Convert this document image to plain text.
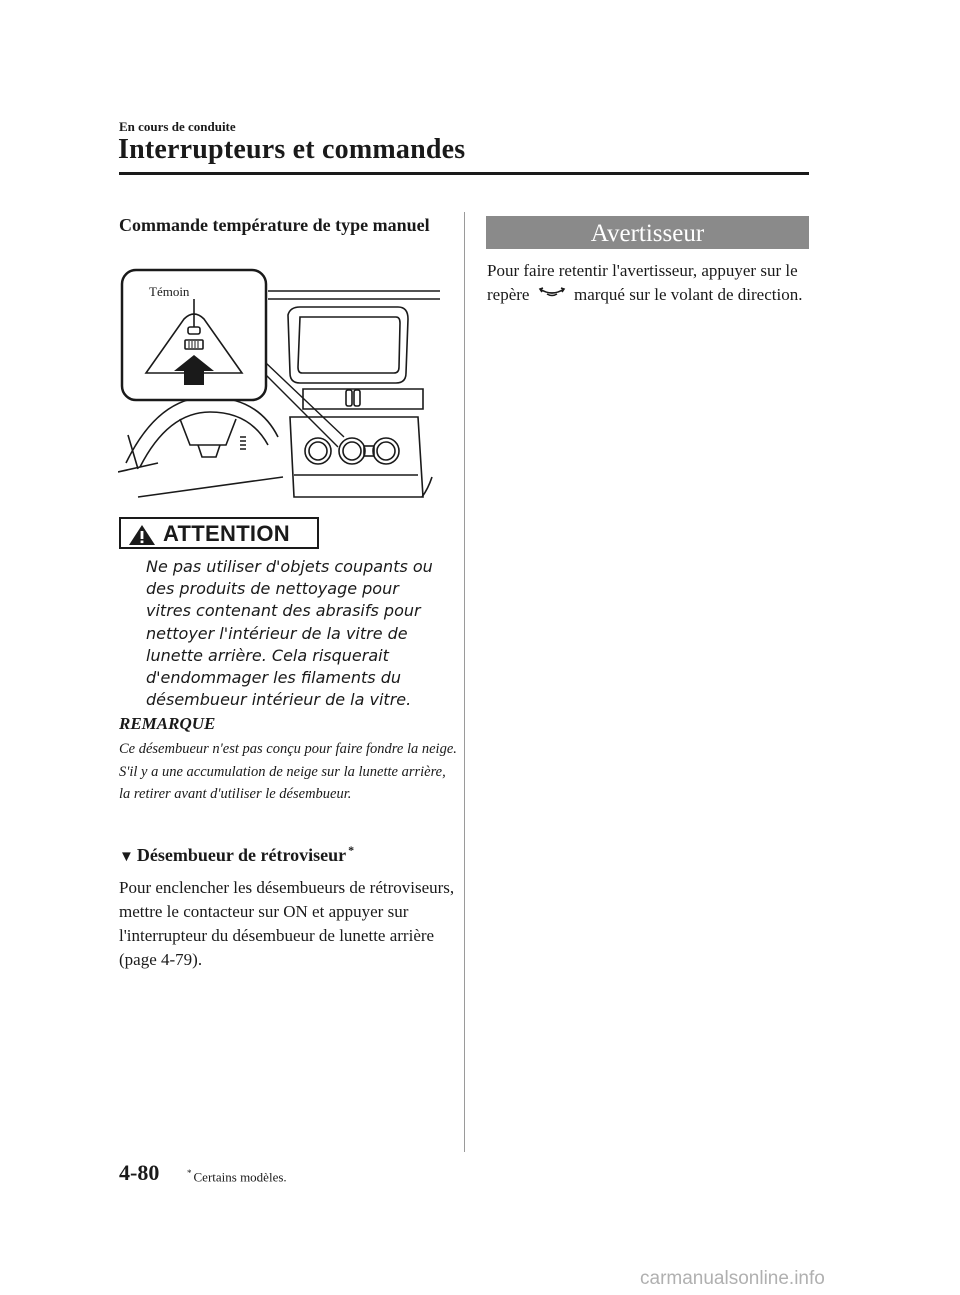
En cours de conduite
Interrupteurs et commandes
Commande température de type manuel
Témoin
ATTENTION
Ne pas utiliser d'objets coupants ou des produits de nettoyage pour vitres contenant des abrasifs pour nettoyer l'intérieur de la vitre de lunette arrière. Cela risquerait d'endommager les filaments du désembueur intérieur de la vitre.
REMARQUE
Ce désembueur n'est pas conçu pour faire fondre la neige. S'il y a une accumulation de neige sur la lunette arrière, la retirer avant d'utiliser le désembueur.
▼ Désembueur de rétroviseur *
Pour enclencher les désembueurs de rétroviseurs, mettre le contacteur sur ON et appuyer sur l'interrupteur du désembueur de lunette arrière (page 4-79).
Avertisseur
Pour faire retentir l'avertisseur, appuyer sur le repère  marqué sur le volant de direction.
4-80	* Certains modèles.
carmanualsonline.info
